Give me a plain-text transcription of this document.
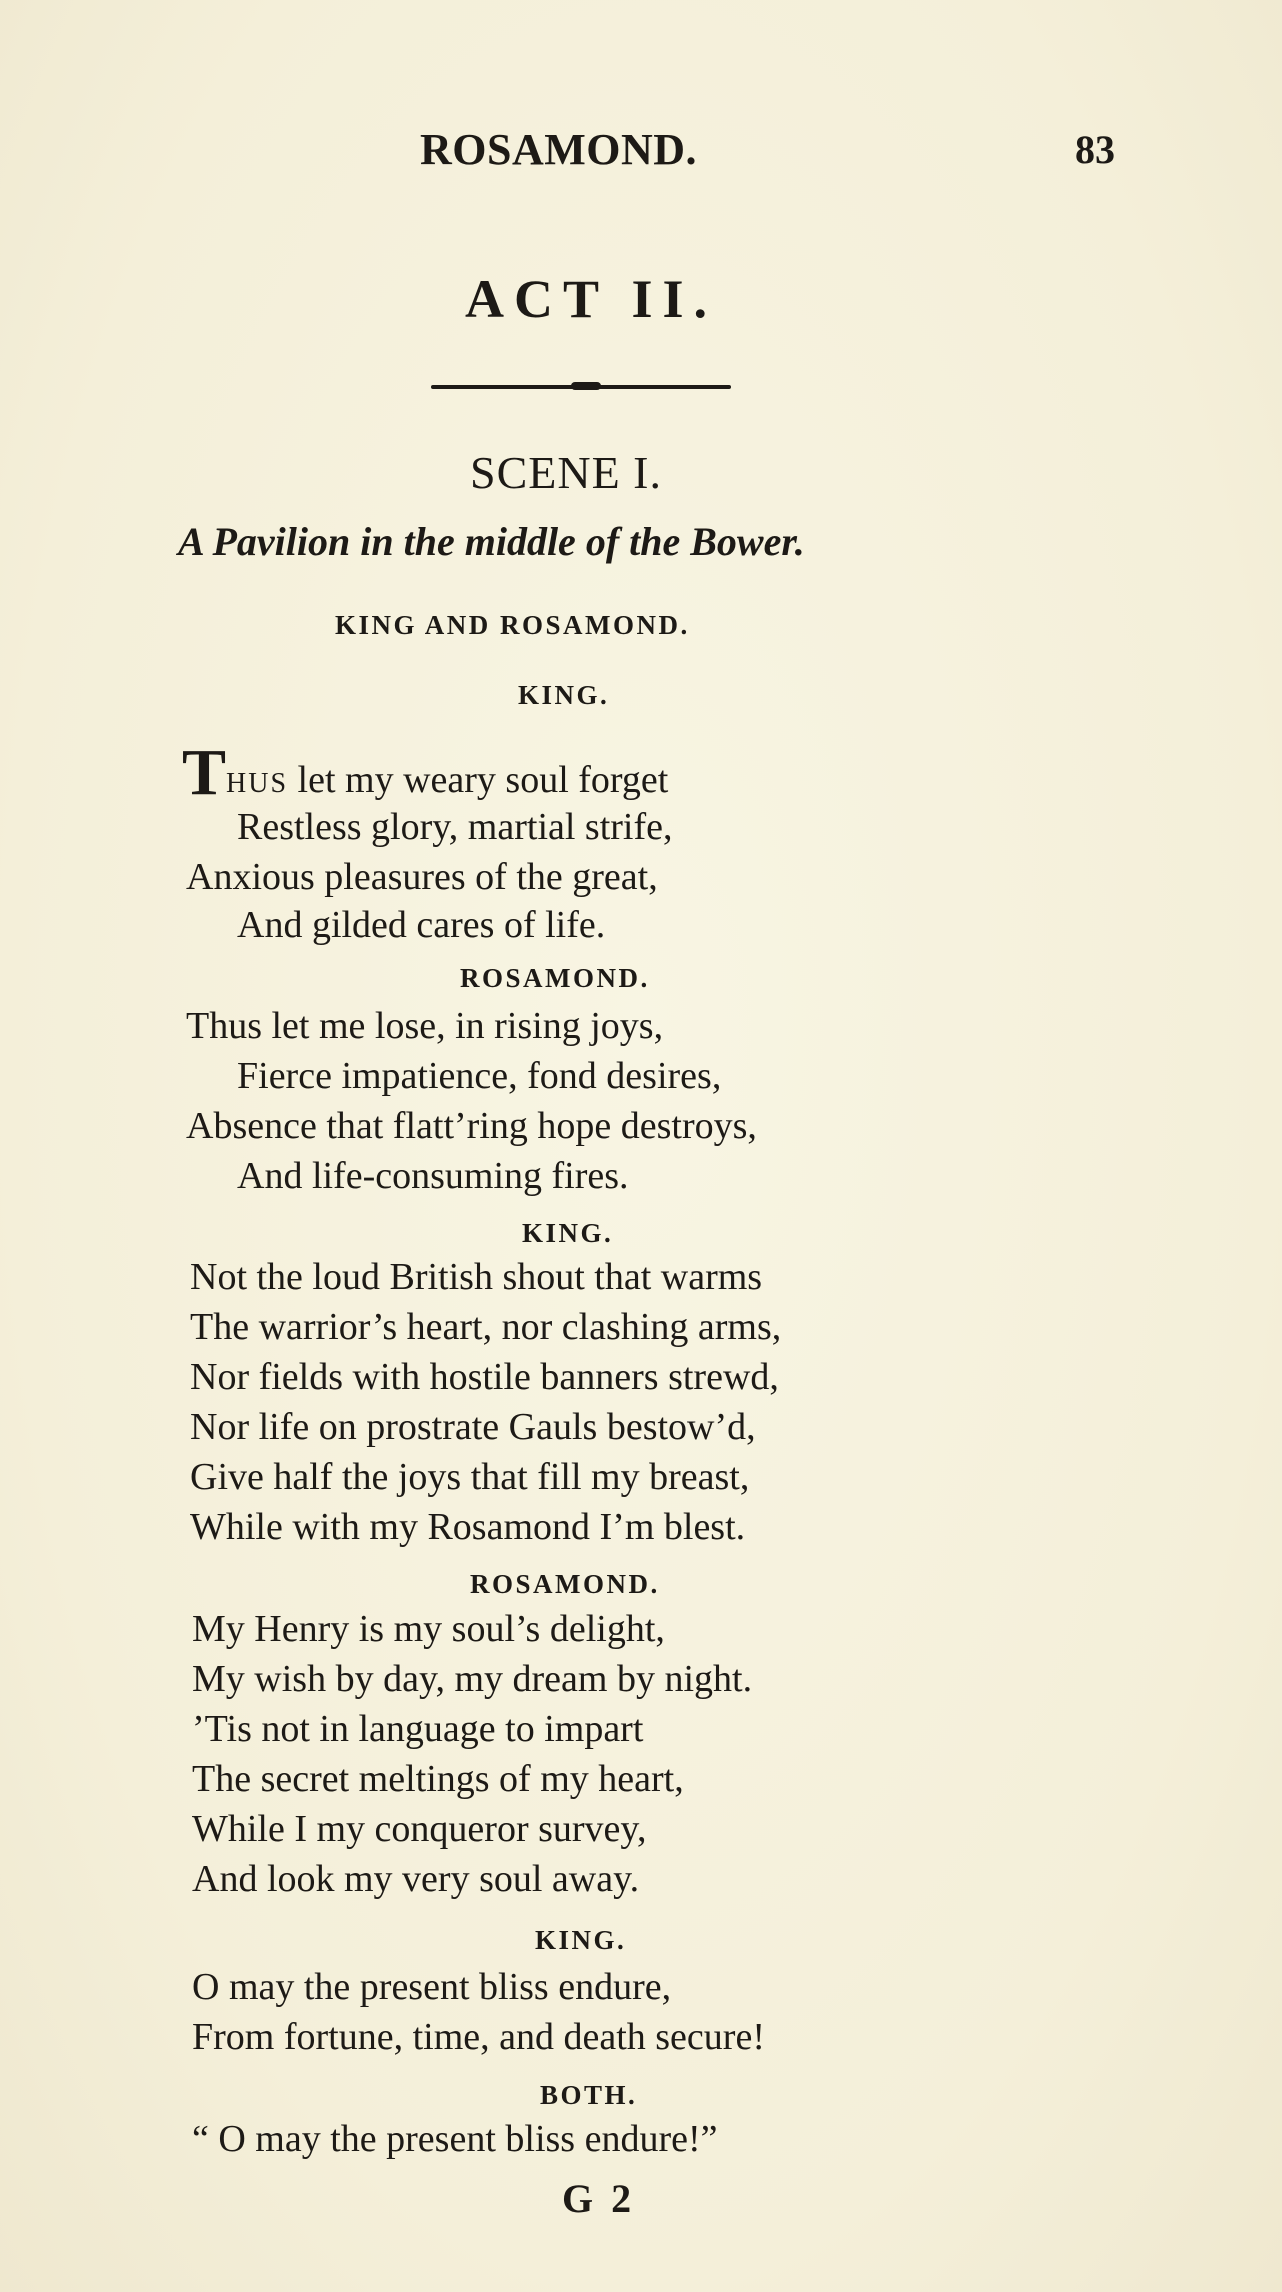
ROSAMOND.	83
ACT II.
SCENE I.
A Pavilion in the middle of the Bower.
KING AND ROSAMOND.
KING.
THUS let my weary soul forget
Restless glory, martial strife,
Anxious pleasures of the great,
And gilded cares of life.
ROSAMOND.
Thus let me lose, in rising joys,
Fierce impatience, fond desires,
Absence that flatt’ring hope destroys,
And life-consuming fires.
KING.
Not the loud British shout that warms
The warrior’s heart, nor clashing arms,
Nor fields with hostile banners strewd,
Nor life on prostrate Gauls bestow’d,
Give half the joys that fill my breast,
While with my Rosamond I’m blest.
ROSAMOND.
My Henry is my soul’s delight,
My wish by day, my dream by night.
’Tis not in language to impart
The secret meltings of my heart,
While I my conqueror survey,
And look my very soul away.
KING.
O may the present bliss endure,
From fortune, time, and death secure!
BOTH.
“ O may the present bliss endure!”
G 2
